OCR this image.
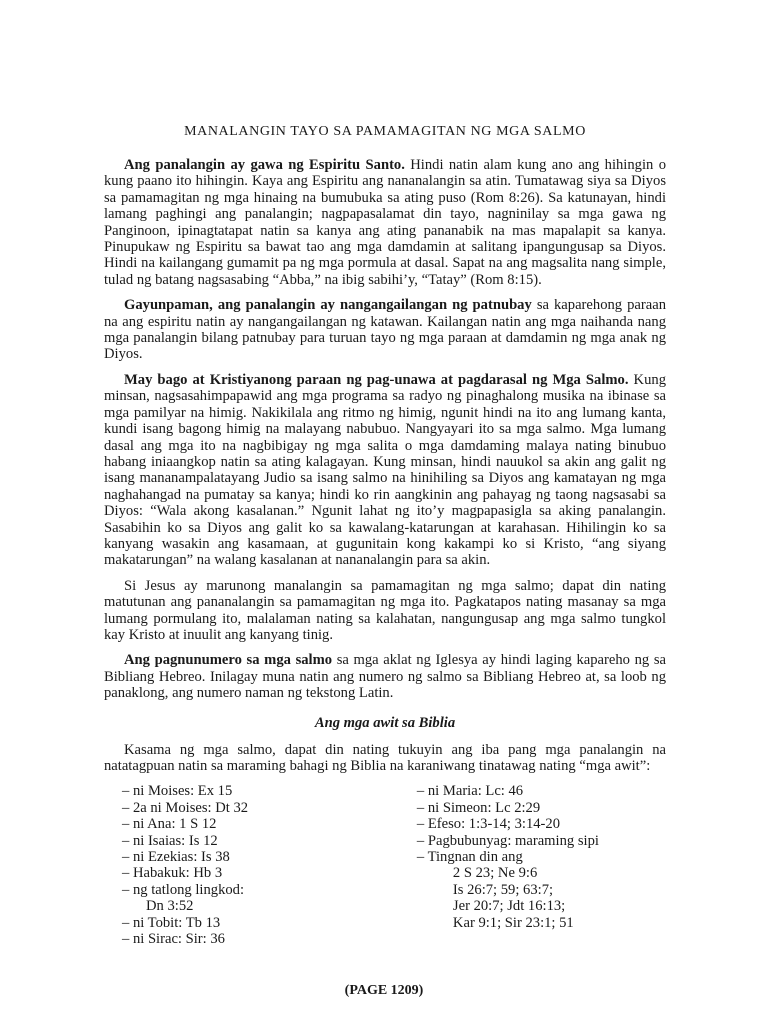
MANALANGIN TAYO SA PAMAMAGITAN NG MGA SALMO

Ang panalangin ay gawa ng Espiritu Santo. Hindi natin alam kung ano ang hihingin o kung paano ito hihingin. Kaya ang Espiritu ang nananalangin sa atin. Tumatawag siya sa Diyos sa pamamagitan ng mga hinaing na bumubuka sa ating puso (Rom 8:26). Sa katunayan, hindi lamang paghingi ang panalangin; nagpapasalamat din tayo, nagninilay sa mga gawa ng Panginoon, ipinagtatapat natin sa kanya ang ating pananabik na mas mapalapit sa kanya. Pinupukaw ng Espiritu sa bawat tao ang mga damdamin at salitang ipangungusap sa Diyos. Hindi na kailangang gumamit pa ng mga pormula at dasal. Sapat na ang magsalita nang simple, tulad ng batang nagsasabing “Abba,” na ibig sabihi’y, “Tatay” (Rom 8:15).

Gayunpaman, ang panalangin ay nangangailangan ng patnubay sa kaparehong paraan na ang espiritu natin ay nangangailangan ng katawan. Kailangan natin ang mga naihanda nang mga panalangin bilang patnubay para turuan tayo ng mga paraan at damdamin ng mga anak ng Diyos.

May bago at Kristiyanong paraan ng pag-unawa at pagdarasal ng Mga Salmo. Kung minsan, nagsasahimpapawid ang mga programa sa radyo ng pinaghalong musika na ibinase sa mga pamilyar na himig. Nakikilala ang ritmo ng himig, ngunit hindi na ito ang lumang kanta, kundi isang bagong himig na malayang nabubuo. Nangyayari ito sa mga salmo. Mga lumang dasal ang mga ito na nagbibigay ng mga salita o mga damdaming malaya nating binubuo habang iniaangkop natin sa ating kalagayan. Kung minsan, hindi nauukol sa akin ang galit ng isang mananampalatayang Judio sa isang salmo na hinihiling sa Diyos ang kamatayan ng mga naghahangad na pumatay sa kanya; hindi ko rin aangkinin ang pahayag ng taong nagsasabi sa Diyos: “Wala akong kasalanan.” Ngunit lahat ng ito’y magpapasigla sa aking panalangin. Sasabihin ko sa Diyos ang galit ko sa kawalang-katarungan at karahasan. Hihilingin ko sa kanyang wasakin ang kasamaan, at gugunitain kong kakampi ko si Kristo, “ang siyang makatarungan” na walang kasalanan at nananalangin para sa akin.

Si Jesus ay marunong manalangin sa pamamagitan ng mga salmo; dapat din nating matutunan ang pananalangin sa pamamagitan ng mga ito. Pagkatapos nating masanay sa mga lumang pormulang ito, malalaman nating sa kalahatan, nangungusap ang mga salmo tungkol kay Kristo at inuulit ang kanyang tinig.

Ang pagnunumero sa mga salmo sa mga aklat ng Iglesya ay hindi laging kapareho ng sa Bibliang Hebreo. Inilagay muna natin ang numero ng salmo sa Bibliang Hebreo at, sa loob ng panaklong, ang numero naman ng tekstong Latin.

Ang mga awit sa Biblia

Kasama ng mga salmo, dapat din nating tukuyin ang iba pang mga panalangin na natatagpuan natin sa maraming bahagi ng Biblia na karaniwang tinatawag nating “mga awit”:

– ni Moises: Ex 15
– 2a ni Moises: Dt 32
– ni Ana: 1 S 12
– ni Isaias: Is 12
– ni Ezekias: Is 38
– Habakuk: Hb 3
– ng tatlong lingkod:
Dn 3:52
– ni Tobit: Tb 13
– ni Sirac: Sir: 36
– ni Maria: Lc: 46
– ni Simeon: Lc 2:29
– Efeso: 1:3-14; 3:14-20
– Pagbubunyag: maraming sipi
– Tingnan din ang
2 S 23; Ne 9:6
Is 26:7; 59; 63:7;
Jer 20:7; Jdt 16:13;
Kar 9:1; Sir 23:1; 51
(PAGE 1209)
